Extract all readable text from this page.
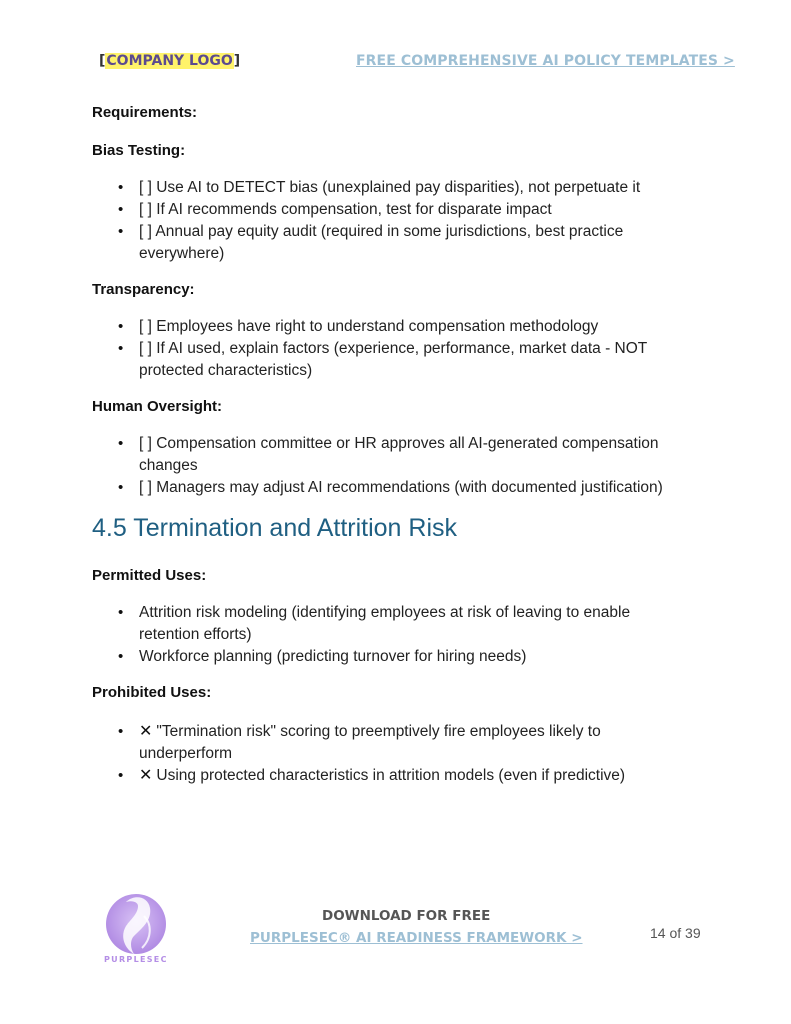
[COMPANY LOGO]	FREE COMPREHENSIVE AI POLICY TEMPLATES >
Requirements:
Bias Testing:
• [ ] Use AI to DETECT bias (unexplained pay disparities), not perpetuate it
• [ ] If AI recommends compensation, test for disparate impact
• [ ] Annual pay equity audit (required in some jurisdictions, best practice everywhere)
Transparency:
• [ ] Employees have right to understand compensation methodology
• [ ] If AI used, explain factors (experience, performance, market data - NOT protected characteristics)
Human Oversight:
• [ ] Compensation committee or HR approves all AI-generated compensation changes
• [ ] Managers may adjust AI recommendations (with documented justification)
4.5 Termination and Attrition Risk
Permitted Uses:
• Attrition risk modeling (identifying employees at risk of leaving to enable retention efforts)
• Workforce planning (predicting turnover for hiring needs)
Prohibited Uses:
• ✕ "Termination risk" scoring to preemptively fire employees likely to underperform
• ✕ Using protected characteristics in attrition models (even if predictive)
PURPLESEC
DOWNLOAD FOR FREE
PURPLESEC® AI READINESS FRAMEWORK >	14 of 39
